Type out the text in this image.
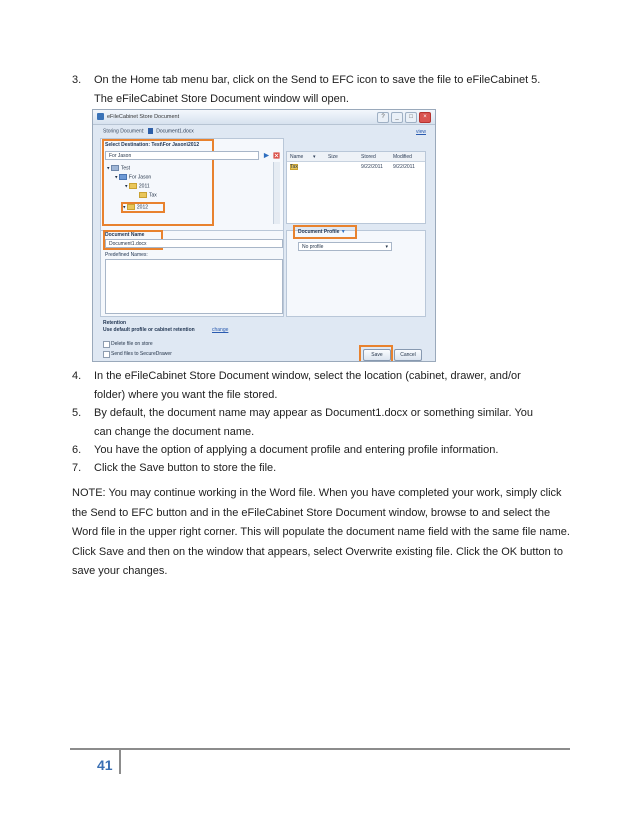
3. On the Home tab menu bar, click on the Send to EFC icon to save the file to eFileCabinet 5.
The eFileCabinet Store Document window will open.
eFileCabinet Store Document	?	_	□	×
Storing Document: Document1.docx	view
Select Destination: Test\For Jason\2012
For Jason
▾ Test
▾ For Jason
▾ 2011
Tax
▾ 2012
Name ▾ Size	Stored	Modified
Tax	9/22/2011 9/22/2011
Document Name
Document1.docx
Predefined Names:
Document Profile ▼
No profile	▾
Retention
Use default profile or cabinet retention	change
Delete file on store
Send files to SecureDrawer	Save	Cancel
4. In the eFileCabinet Store Document window, select the location (cabinet, drawer, and/or
folder) where you want the file stored.
5. By default, the document name may appear as Document1.docx or something similar. You
can change the document name.
6. You have the option of applying a document profile and entering profile information.
7. Click the Save button to store the file.
NOTE: You may continue working in the Word file. When you have completed your work, simply click the Send to EFC button and in the eFileCabinet Store Document window, browse to and select the Word file in the upper right corner. This will populate the document name field with the same file name. Click Save and then on the window that appears, select Overwrite existing file. Click the OK button to save your changes.
41
